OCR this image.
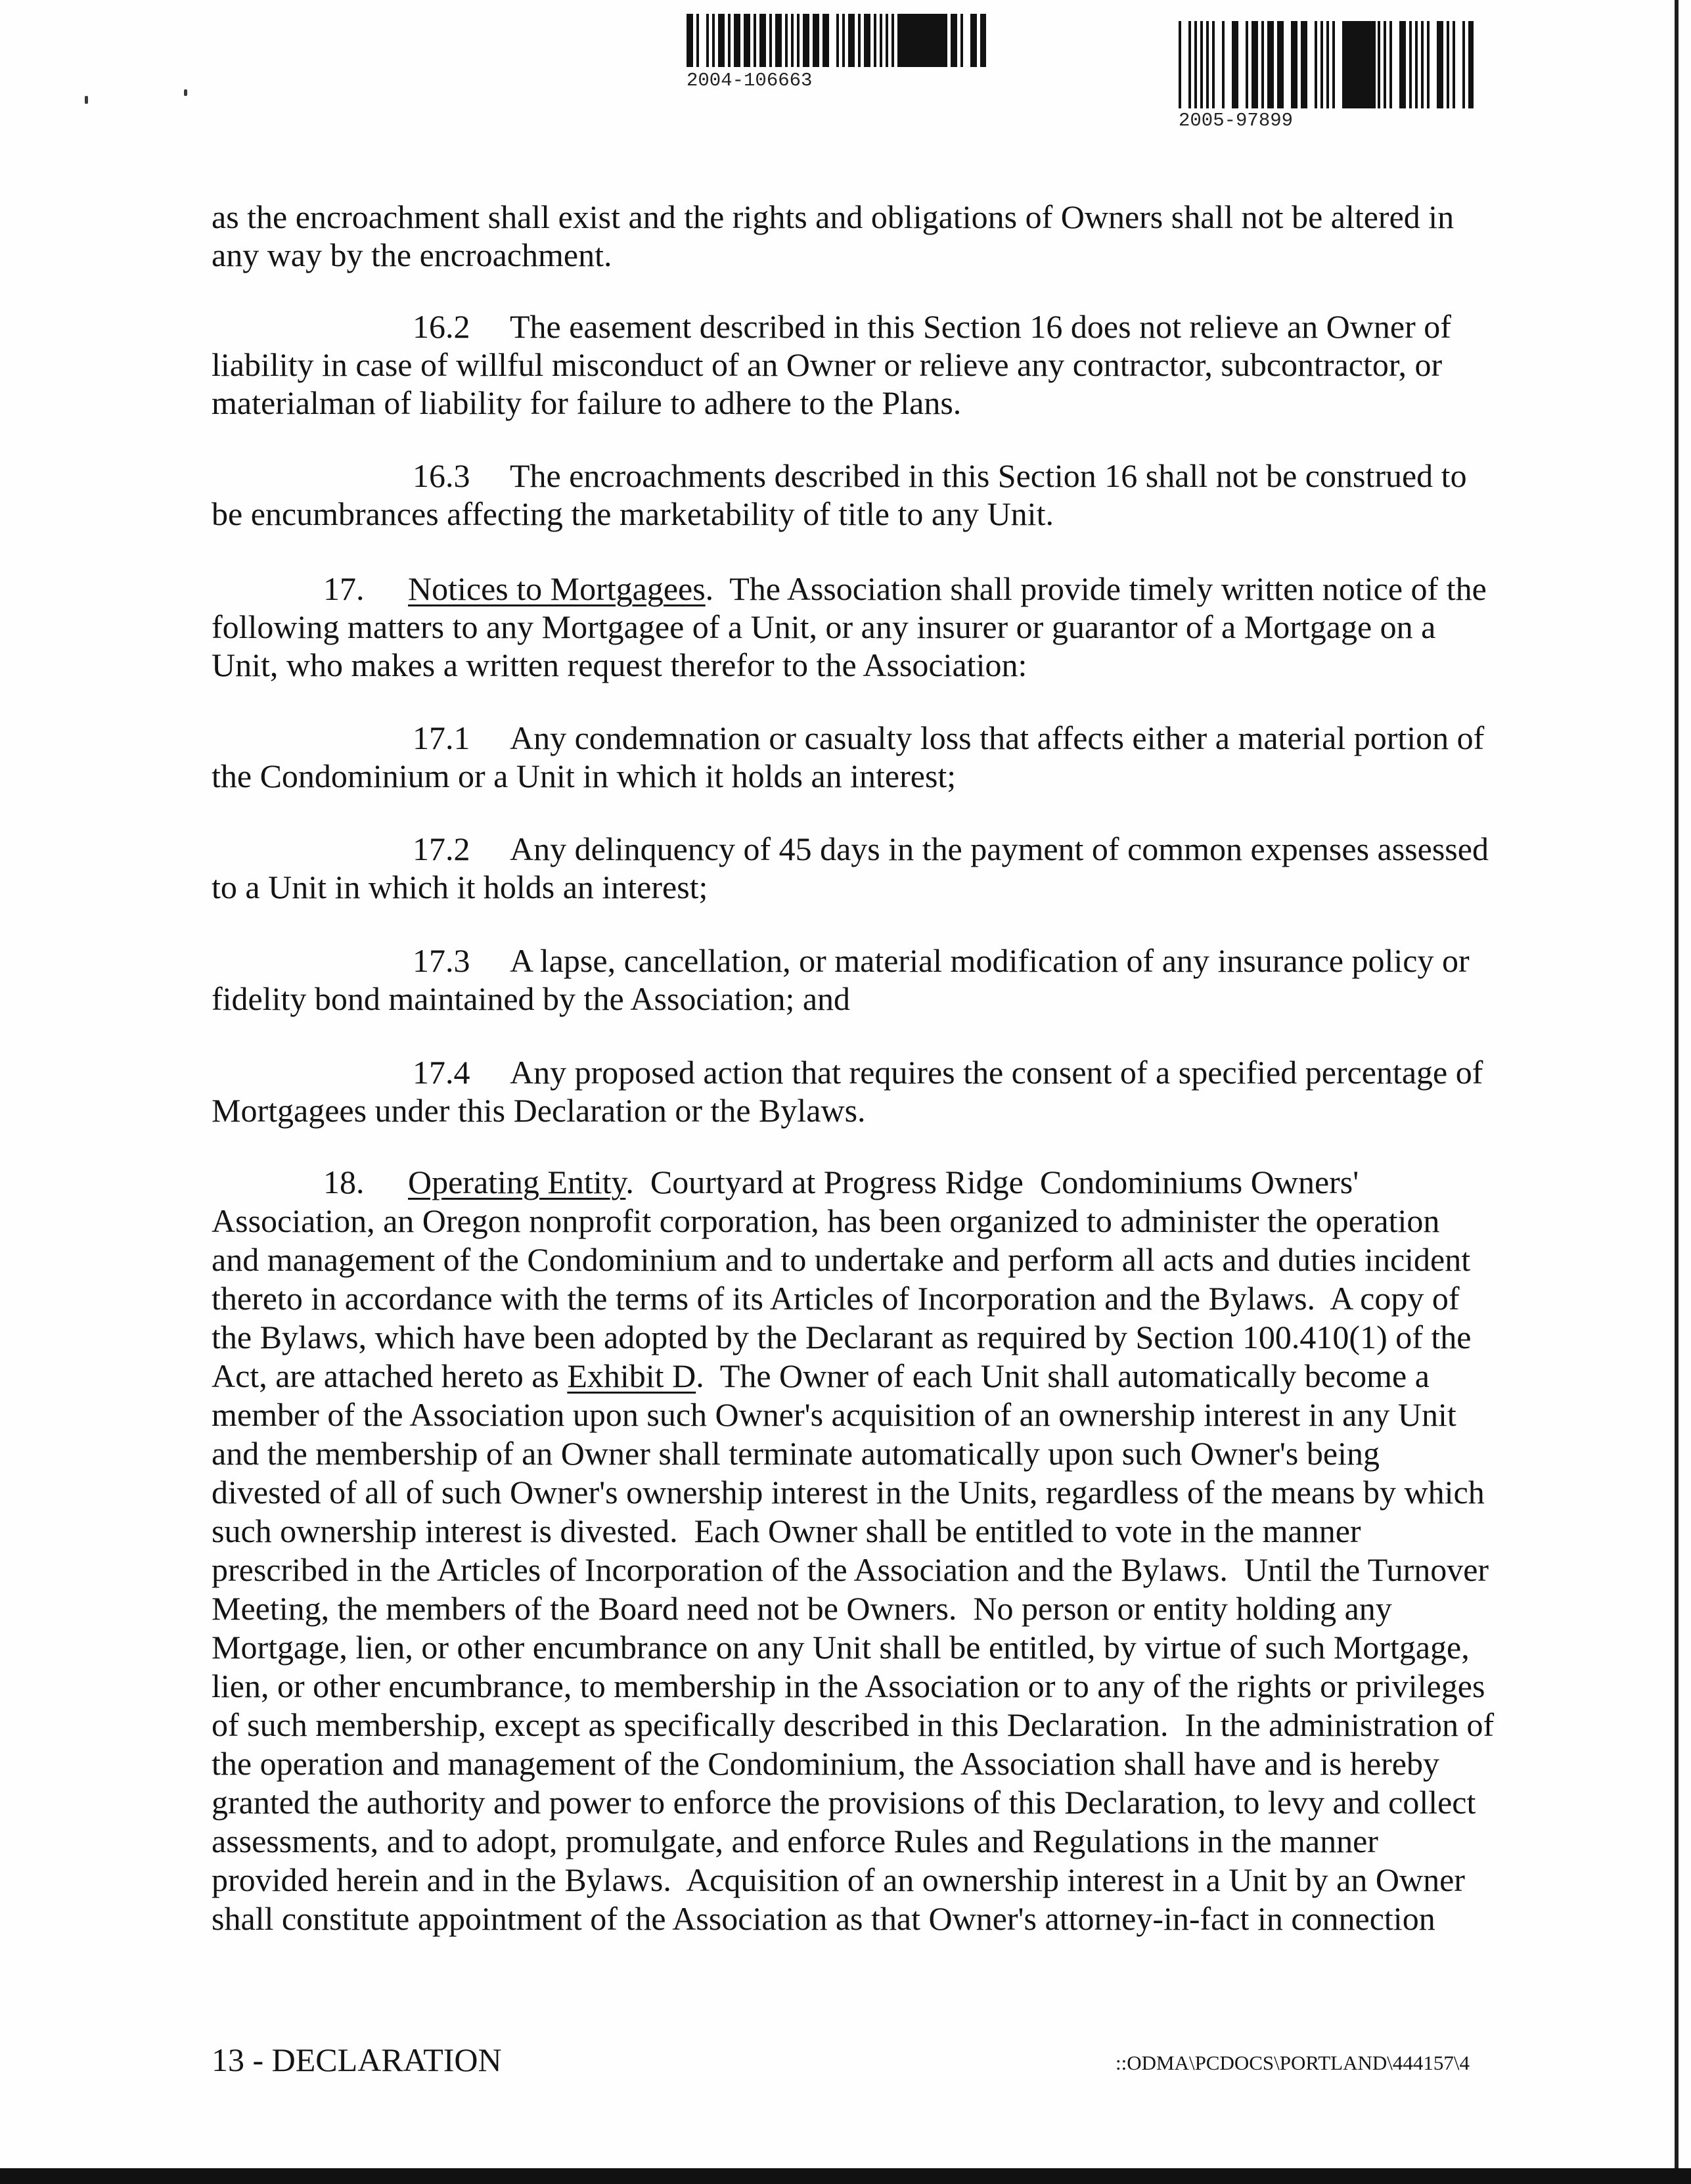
2004-106663
2005-97899
as the encroachment shall exist and the rights and obligations of Owners shall not be altered in
any way by the encroachment.
16.2 The easement described in this Section 16 does not relieve an Owner of
liability in case of willful misconduct of an Owner or relieve any contractor, subcontractor, or
materialman of liability for failure to adhere to the Plans.
16.3 The encroachments described in this Section 16 shall not be construed to
be encumbrances affecting the marketability of title to any Unit.
17. Notices to Mortgagees.  The Association shall provide timely written notice of the
following matters to any Mortgagee of a Unit, or any insurer or guarantor of a Mortgage on a
Unit, who makes a written request therefor to the Association:
17.1 Any condemnation or casualty loss that affects either a material portion of
the Condominium or a Unit in which it holds an interest;
17.2 Any delinquency of 45 days in the payment of common expenses assessed
to a Unit in which it holds an interest;
17.3 A lapse, cancellation, or material modification of any insurance policy or
fidelity bond maintained by the Association; and
17.4 Any proposed action that requires the consent of a specified percentage of
Mortgagees under this Declaration or the Bylaws.
18. Operating Entity.  Courtyard at Progress Ridge  Condominiums Owners'
Association, an Oregon nonprofit corporation, has been organized to administer the operation
and management of the Condominium and to undertake and perform all acts and duties incident
thereto in accordance with the terms of its Articles of Incorporation and the Bylaws.  A copy of
the Bylaws, which have been adopted by the Declarant as required by Section 100.410(1) of the
Act, are attached hereto as Exhibit D.  The Owner of each Unit shall automatically become a
member of the Association upon such Owner's acquisition of an ownership interest in any Unit
and the membership of an Owner shall terminate automatically upon such Owner's being
divested of all of such Owner's ownership interest in the Units, regardless of the means by which
such ownership interest is divested.  Each Owner shall be entitled to vote in the manner
prescribed in the Articles of Incorporation of the Association and the Bylaws.  Until the Turnover
Meeting, the members of the Board need not be Owners.  No person or entity holding any
Mortgage, lien, or other encumbrance on any Unit shall be entitled, by virtue of such Mortgage,
lien, or other encumbrance, to membership in the Association or to any of the rights or privileges
of such membership, except as specifically described in this Declaration.  In the administration of
the operation and management of the Condominium, the Association shall have and is hereby
granted the authority and power to enforce the provisions of this Declaration, to levy and collect
assessments, and to adopt, promulgate, and enforce Rules and Regulations in the manner
provided herein and in the Bylaws.  Acquisition of an ownership interest in a Unit by an Owner
shall constitute appointment of the Association as that Owner's attorney-in-fact in connection
13 - DECLARATION	::ODMA\PCDOCS\PORTLAND\444157\4
